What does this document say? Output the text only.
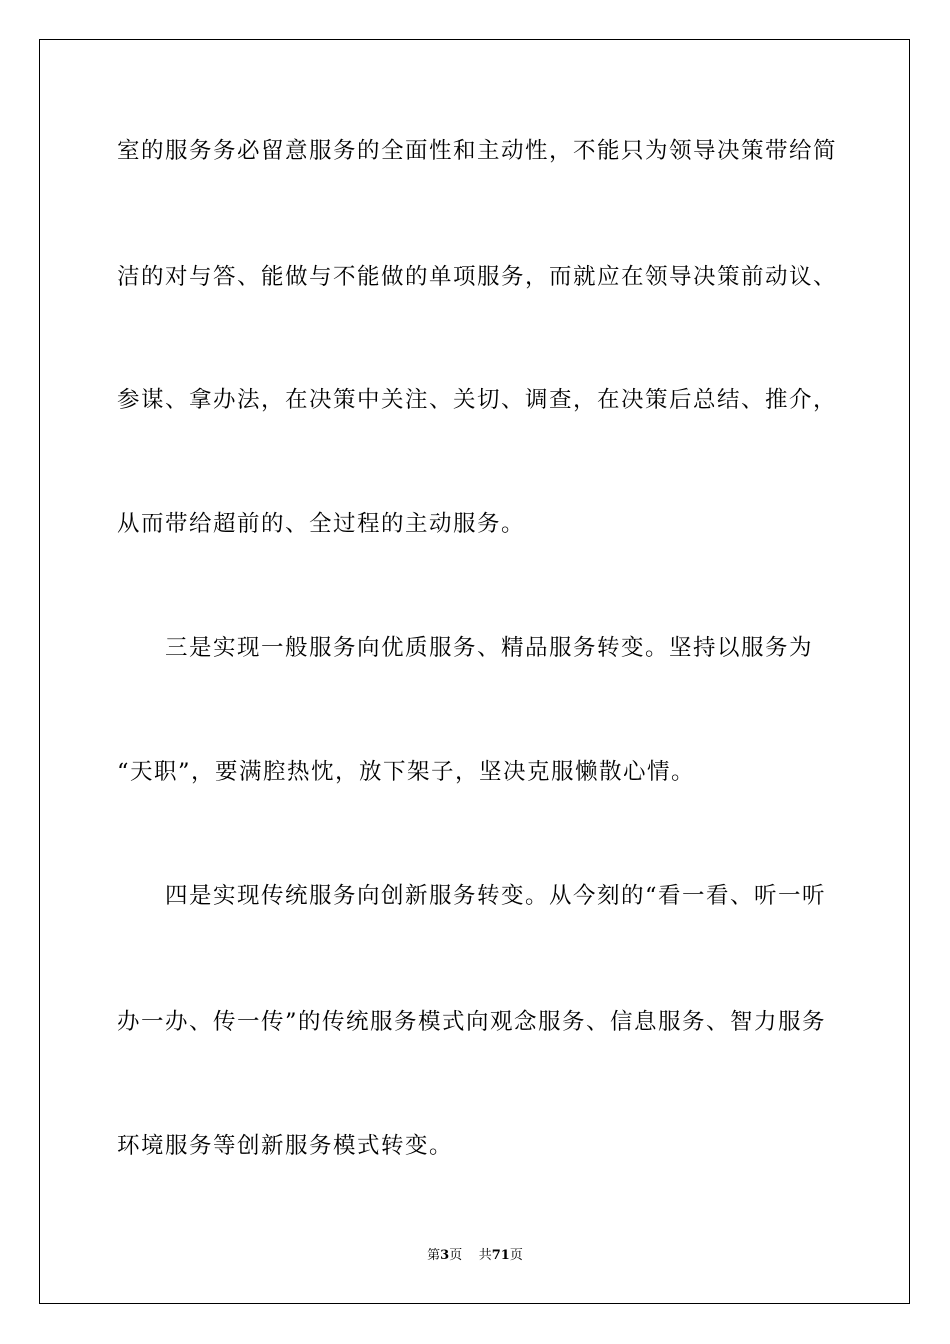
室的服务务必留意服务的全面性和主动性，不能只为领导决策带给简
洁的对与答、能做与不能做的单项服务，而就应在领导决策前动议、
参谋、拿办法，在决策中关注、关切、调查，在决策后总结、推介，
从而带给超前的、全过程的主动服务。
三是实现一般服务向优质服务、精品服务转变。坚持以服务为
“天职”，要满腔热忱，放下架子，坚决克服懒散心情。
四是实现传统服务向创新服务转变。从今刻的“看一看、听一听
办一办、传一传”的传统服务模式向观念服务、信息服务、智力服务
环境服务等创新服务模式转变。
第3页 共71页
